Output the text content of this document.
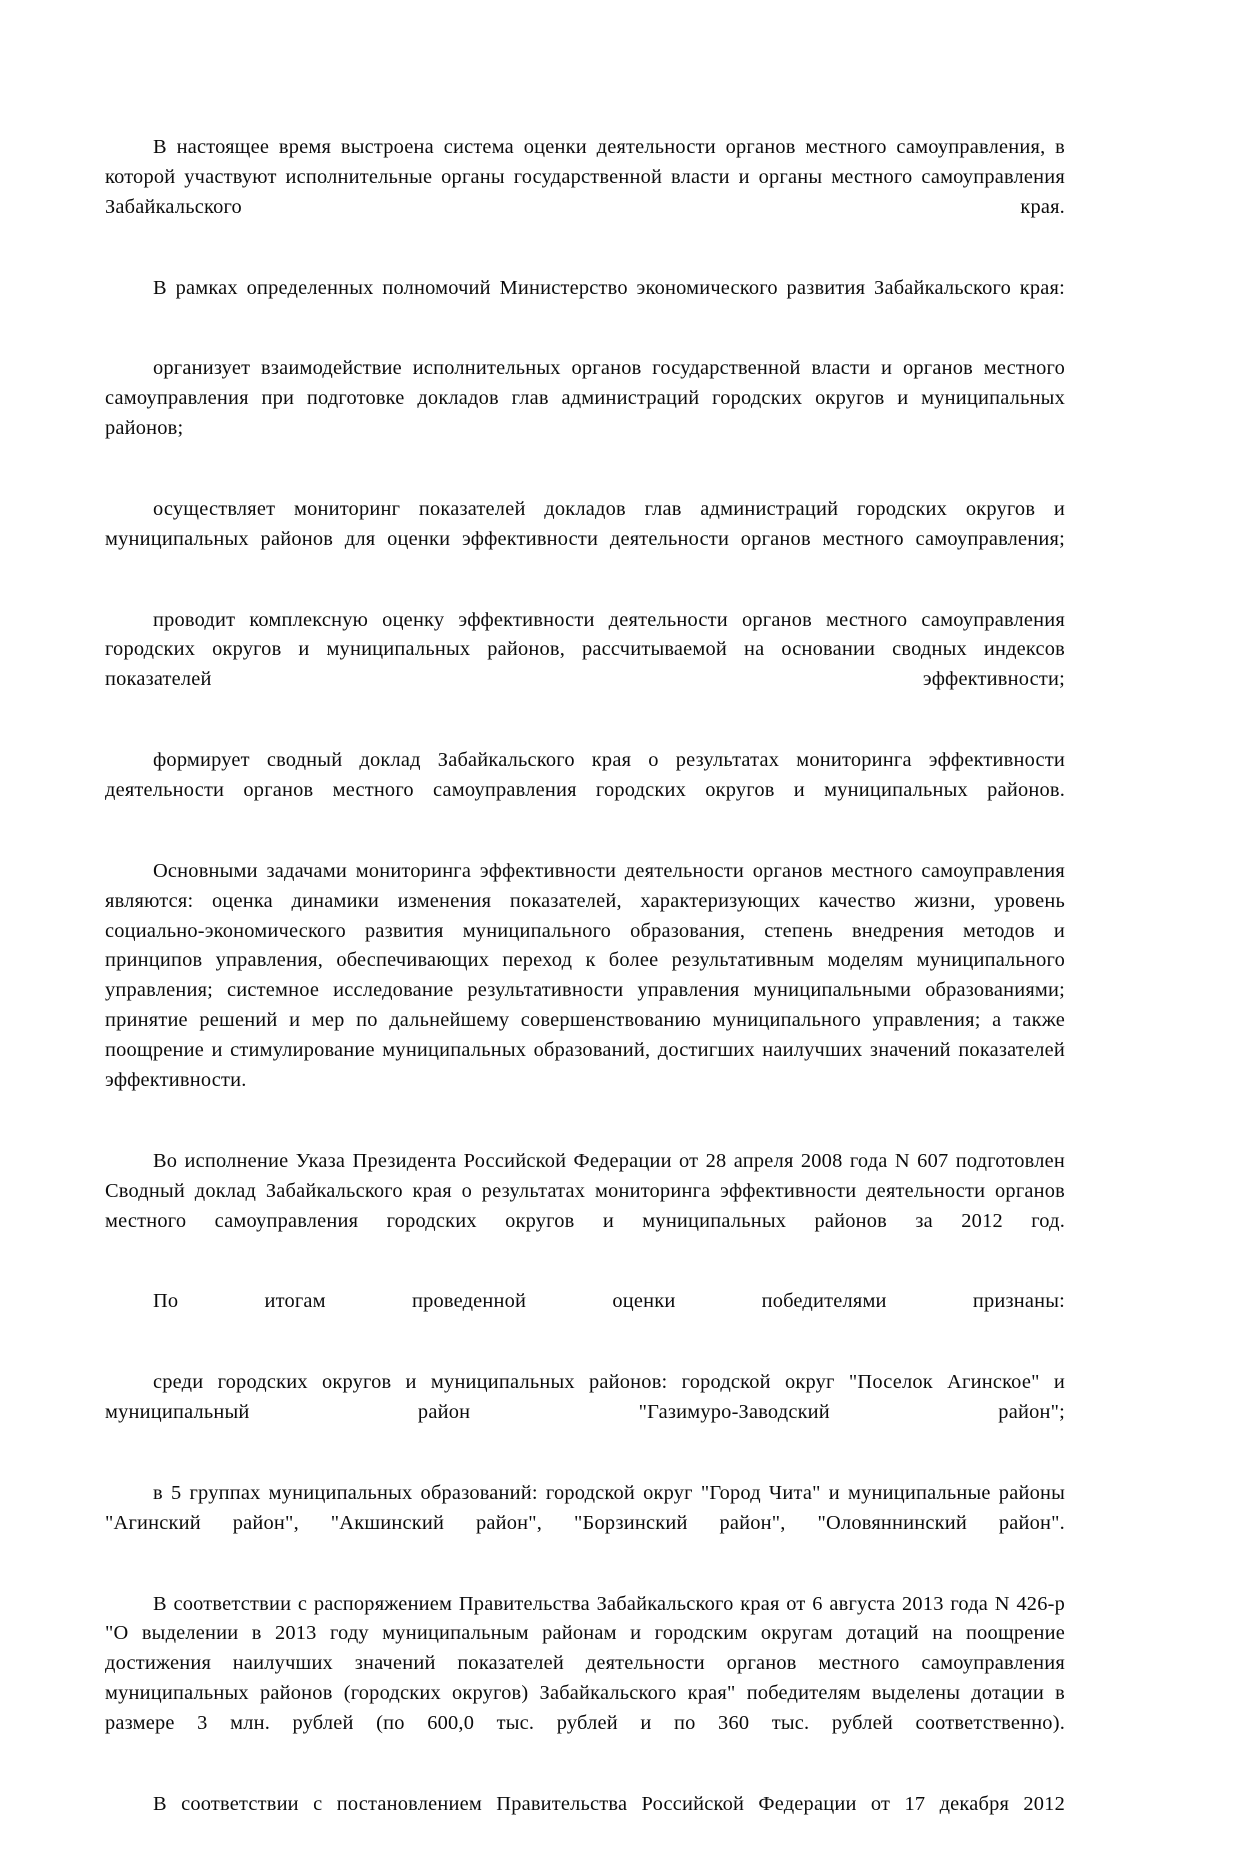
В настоящее время выстроена система оценки деятельности органов местного самоуправления, в которой участвуют исполнительные органы государственной власти и органы местного самоуправления Забайкальского края.

В рамках определенных полномочий Министерство экономического развития Забайкальского края:

организует взаимодействие исполнительных органов государственной власти и органов местного самоуправления при подготовке докладов глав администраций городских округов и муниципальных районов;

осуществляет мониторинг показателей докладов глав администраций городских округов и муниципальных районов для оценки эффективности деятельности органов местного самоуправления;

проводит комплексную оценку эффективности деятельности органов местного самоуправления городских округов и муниципальных районов, рассчитываемой на основании сводных индексов показателей эффективности;

формирует сводный доклад Забайкальского края о результатах мониторинга эффективности деятельности органов местного самоуправления городских округов и муниципальных районов.

Основными задачами мониторинга эффективности деятельности органов местного самоуправления являются: оценка динамики изменения показателей, характеризующих качество жизни, уровень социально-экономического развития муниципального образования, степень внедрения методов и принципов управления, обеспечивающих переход к более результативным моделям муниципального управления; системное исследование результативности управления муниципальными образованиями; принятие решений и мер по дальнейшему совершенствованию муниципального управления; а также поощрение и стимулирование муниципальных образований, достигших наилучших значений показателей эффективности.

Во исполнение Указа Президента Российской Федерации от 28 апреля 2008 года N 607 подготовлен Сводный доклад Забайкальского края о результатах мониторинга эффективности деятельности органов местного самоуправления городских округов и муниципальных районов за 2012 год.

По итогам проведенной оценки победителями признаны:

среди городских округов и муниципальных районов: городской округ "Поселок Агинское" и муниципальный район "Газимуро-Заводский район";

в 5 группах муниципальных образований: городской округ "Город Чита" и муниципальные районы "Агинский район", "Акшинский район", "Борзинский район", "Оловяннинский район".

В соответствии с распоряжением Правительства Забайкальского края от 6 августа 2013 года N 426-р "О выделении в 2013 году муниципальным районам и городским округам дотаций на поощрение достижения наилучших значений показателей деятельности органов местного самоуправления муниципальных районов (городских округов) Забайкальского края" победителям выделены дотации в размере 3 млн. рублей (по 600,0 тыс. рублей и по 360 тыс. рублей соответственно).

В соответствии с постановлением Правительства Российской Федерации от 17 декабря 2012
